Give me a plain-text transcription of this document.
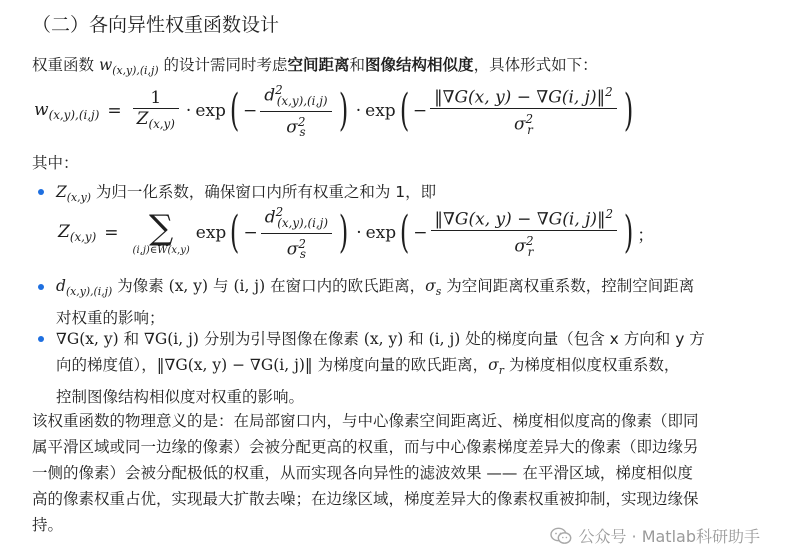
（二）各向异性权重函数设计
权重函数 $w_{(x,y),(i,j)}$ 的设计需同时考虑空间距离和图像结构相似度，具体形式如下：
$w_{(x,y),(i,j)} = \frac{1}{Z_{(x,y)}} \cdot \exp$ ( − $\frac{d^2_{(x,y),(i,j)}}{\sigma^2_s}$ ) · exp ( − $\frac{‖\nabla G(x, y) - \nabla G(i, j)‖^2}{\sigma^2_r}$ )
其中：
$Z_{(x,y)}$ 为归一化系数，确保窗口内所有权重之和为 1，即
$Z_{(x,y)}$ = ∑
(i,j)∈W(x,y)
exp ( − $\frac{d^2_{(x,y),(i,j)}}{\sigma^2_s}$ ) · exp ( − $\frac{‖\nabla G(x, y) - \nabla G(i, j)‖^2}{\sigma^2_r}$ ) ；
$d_{(x,y),(i,j)}$ 为像素 (x, y) 与 (i, j) 在窗口内的欧氏距离，$\sigma_s$ 为空间距离权重系数，控制空间距离
对权重的影响；
∇G(x, y) 和 ∇G(i, j) 分别为引导图像在像素 (x, y) 和 (i, j) 处的梯度向量（包含 x 方向和 y 方
向的梯度值），‖∇G(x, y) − ∇G(i, j)‖ 为梯度向量的欧氏距离，$\sigma_r$ 为梯度相似度权重系数，
控制图像结构相似度对权重的影响。
该权重函数的物理意义的是：在局部窗口内，与中心像素空间距离近、梯度相似度高的像素（即同
属平滑区域或同一边缘的像素）会被分配更高的权重，而与中心像素梯度差异大的像素（即边缘另
一侧的像素）会被分配极低的权重，从而实现各向异性的滤波效果 —— 在平滑区域，梯度相似度
高的像素权重占优，实现最大扩散去噪；在边缘区域，梯度差异大的像素权重被抑制，实现边缘保
持。
公众号 · Matlab科研助手
